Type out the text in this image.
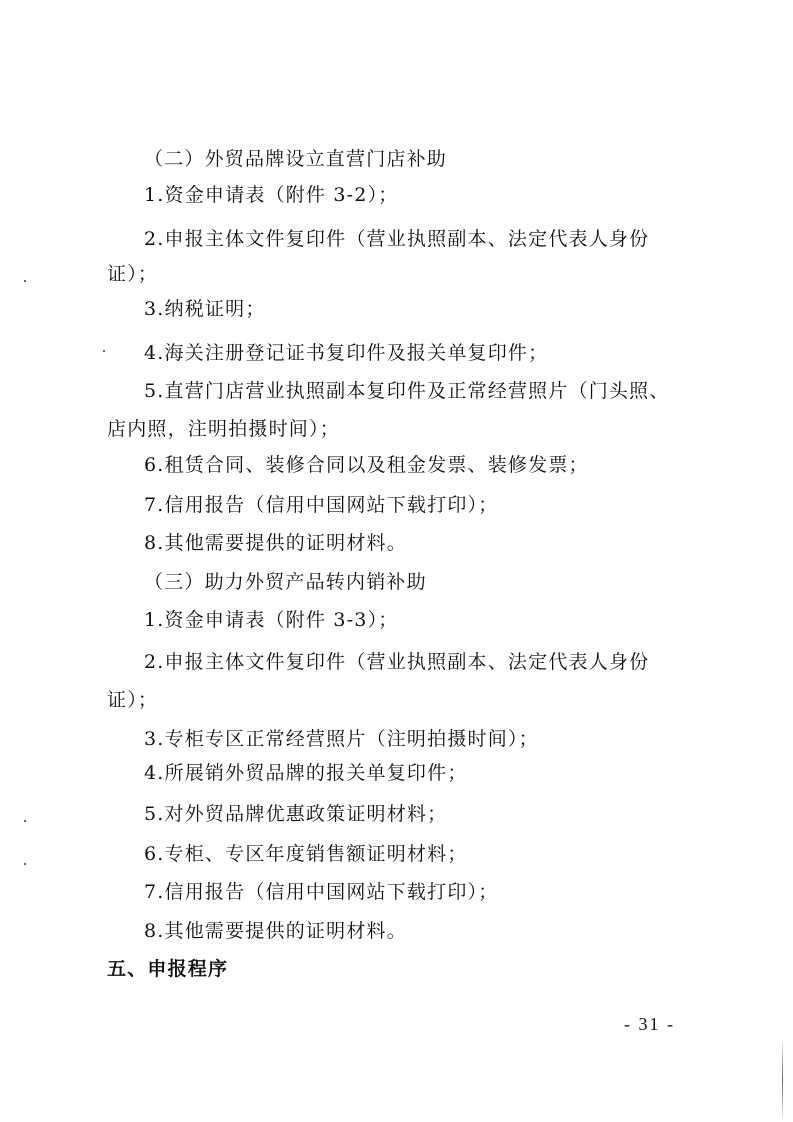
（二）外贸品牌设立直营门店补助
1.资金申请表（附件 3-2）；
2.申报主体文件复印件（营业执照副本、法定代表人身份
证）；
3.纳税证明；
4.海关注册登记证书复印件及报关单复印件；
5.直营门店营业执照副本复印件及正常经营照片（门头照、
店内照，注明拍摄时间）；
6.租赁合同、装修合同以及租金发票、装修发票；
7.信用报告（信用中国网站下载打印）；
8.其他需要提供的证明材料。
（三）助力外贸产品转内销补助
1.资金申请表（附件 3-3）；
2.申报主体文件复印件（营业执照副本、法定代表人身份
证）；
3.专柜专区正常经营照片（注明拍摄时间）；
4.所展销外贸品牌的报关单复印件；
5.对外贸品牌优惠政策证明材料；
6.专柜、专区年度销售额证明材料；
7.信用报告（信用中国网站下载打印）；
8.其他需要提供的证明材料。
五、申报程序
- 31 -
